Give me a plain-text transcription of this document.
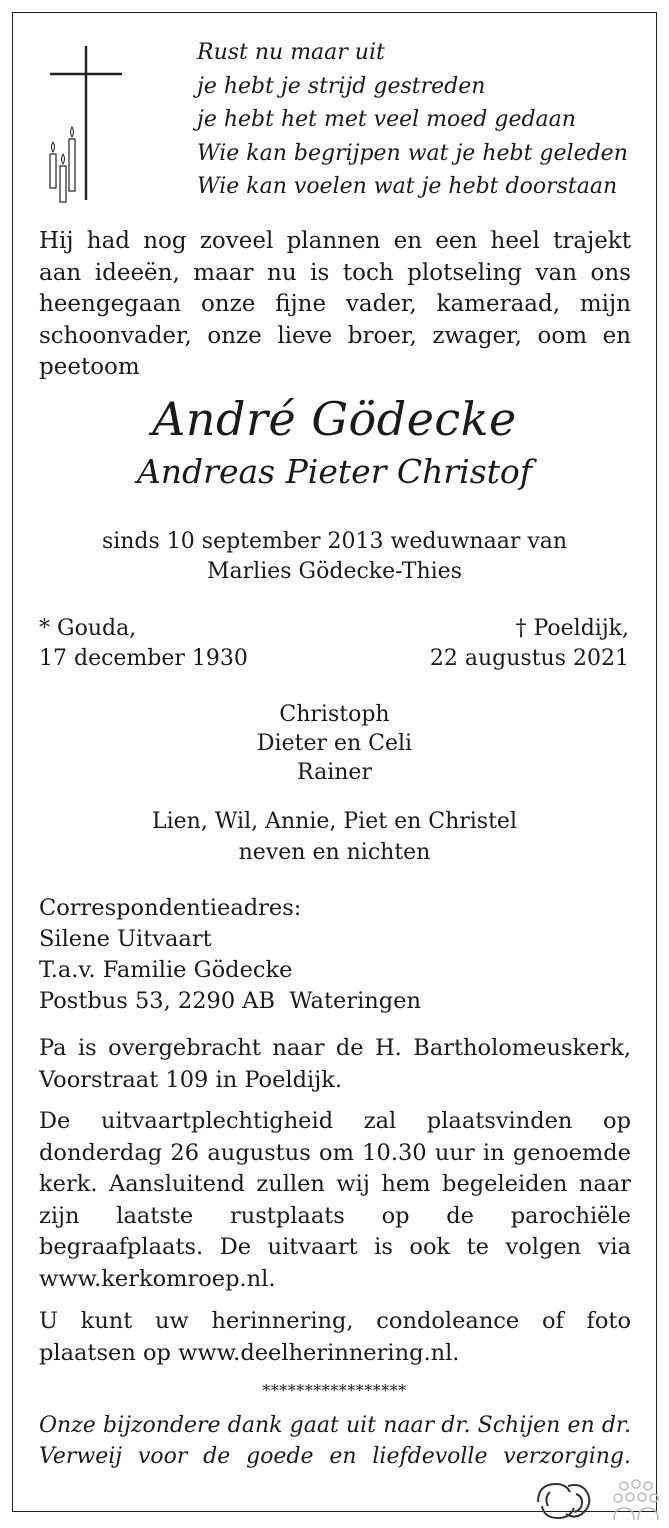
Rust nu maar uit
je hebt je strijd gestreden
je hebt het met veel moed gedaan
Wie kan begrijpen wat je hebt geleden
Wie kan voelen wat je hebt doorstaan
Hij had nog zoveel plannen en een heel trajekt aan ideeën, maar nu is toch plotseling van ons heengegaan onze fijne vader, kameraad, mijn schoonvader, onze lieve broer, zwager, oom en peetoom
André Gödecke
Andreas Pieter Christof
sinds 10 september 2013 weduwnaar van
Marlies Gödecke-Thies
* Gouda,
17 december 1930
† Poeldijk,
22 augustus 2021
Christoph
Dieter en Celi
Rainer
Lien, Wil, Annie, Piet en Christel
neven en nichten
Correspondentieadres:
Silene Uitvaart
T.a.v. Familie Gödecke
Postbus 53, 2290 AB  Wateringen
Pa is overgebracht naar de H. Bartholomeuskerk, Voorstraat 109 in Poeldijk.
De uitvaartplechtigheid zal plaatsvinden op donderdag 26 augustus om 10.30 uur in genoemde kerk. Aansluitend zullen wij hem begeleiden naar zijn laatste rustplaats op de parochiële begraafplaats. De uitvaart is ook te volgen via www.kerkomroep.nl.
U kunt uw herinnering, condoleance of foto plaatsen op www.deelherinnering.nl.
*****************
Onze bijzondere dank gaat uit naar dr. Schijen en dr. Verweij voor de goede en liefdevolle verzorging.
